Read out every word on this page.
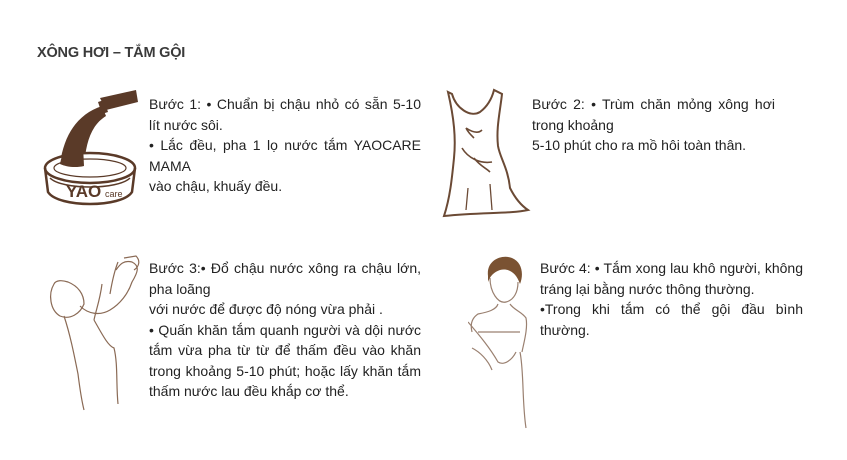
XÔNG HƠI – TẮM GỘI
YAO care

Bước 1: • Chuẩn bị chậu nhỏ có sẵn 5-10 lít nước sôi.

• Lắc đều, pha 1 lọ nước tắm YAOCARE MAMA

vào chậu, khuấy đều.

Bước 2: • Trùm chăn mỏng xông hơi trong khoảng

5-10 phút cho ra mồ hôi toàn thân.

Bước 3:• Đổ chậu nước xông ra chậu lớn, pha loãng

với nước để được độ nóng vừa phải .

• Quấn khăn tắm quanh người và dội nước tắm vừa pha từ từ để thấm đều vào khăn trong khoảng 5-10 phút; hoặc lấy khăn tắm thấm nước lau đều khắp cơ thể.

Bước 4: • Tắm xong lau khô người, không tráng lại bằng nước thông thường.

•Trong khi tắm có thể gội đầu bình thường.
